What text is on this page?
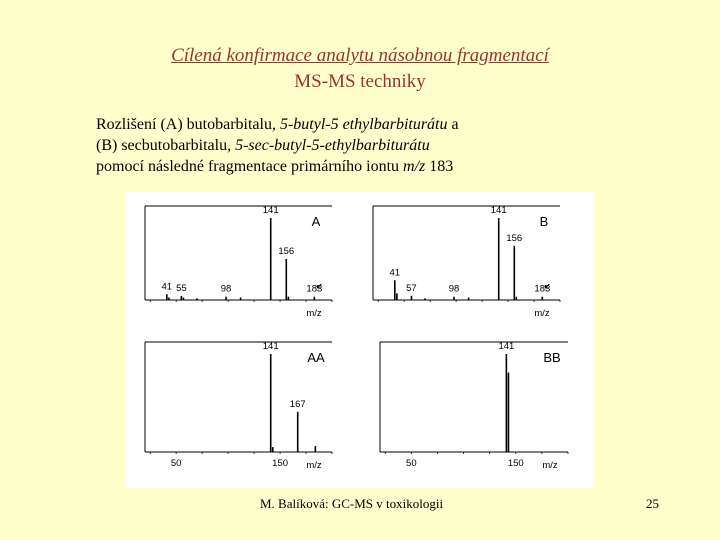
Cílená konfirmace analytu násobnou fragmentací
MS-MS techniky
Rozlišení (A) butobarbitalu, 5-butyl-5 ethylbarbiturátu a
(B) secbutobarbitalu, 5-sec-butyl-5-ethylbarbiturátu
pomocí následné fragmentace primárního iontu m/z 183
A
41 55	98
141
156
183
m/z
B
41
57	98
141
156
183
m/z
AA
141
167
50	150 m/z
BB
141
50	150 m/z
M. Balíková: GC-MS v toxikologii	25
